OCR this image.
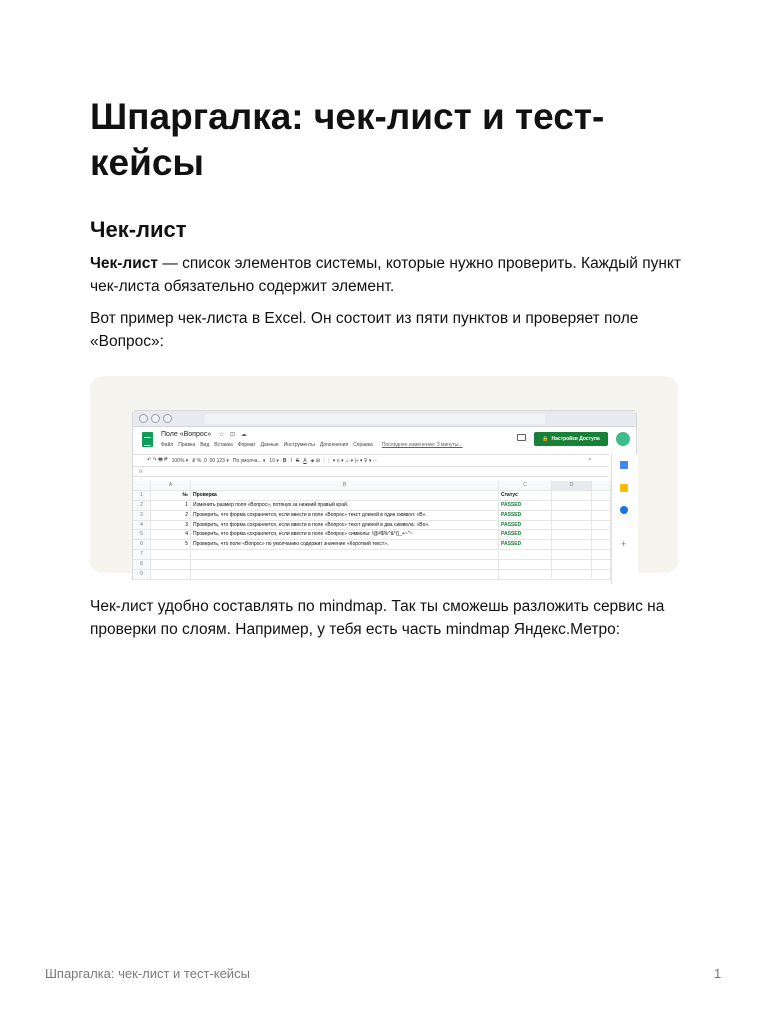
Шпаргалка: чек-лист и тест-кейсы
Чек-лист

Чек-лист — список элементов системы, которые нужно проверить. Каждый пункт чек-листа обязательно содержит элемент.

Вот пример чек-листа в Excel. Он состоит из пяти пунктов и проверяет поле «Вопрос»:

Поле «Вопрос» ☆ ⊡ ☁
Файл Правка Вид Вставка Формат Данные Инструменты Дополнения Справка Последнее изменение: 3 минуты...
🔒 Настройки Доступа
↶ ↷ 🖶 ₱ 100% ▾ ₽ % .0 .00 123 ▾ По умолча... ▾ 10 ▾ B I S A ◈ ⊞ ⋮⋮ ▾ ≡ ▾ ⊥ ▾ |÷ ▾ ⊽ ▾ ⋯	^
fx
+
A	B	C	D
1	№	Проверка	Статус
2	1	Изменить размер поля «Вопрос», потянув за нижний правый край.	PASSED
3	2	Проверить, что форма сохраняется, если ввести в поле «Вопрос» текст длиной в один символ: «В».	PASSED
4	3	Проверить, что форма сохраняется, если ввести в поле «Вопрос» текст длиной в два символа: «Во».	PASSED
5	4	Проверить, что форма сохраняется, если ввести в поле «Вопрос» символы: !@#$%^&*()_+~"~	PASSED
6	5	Проверить, что поле «Вопрос» по умолчанию содержит значение «Короткий текст».	PASSED
7
8
9

Чек-лист удобно составлять по mindmap. Так ты сможешь разложить сервис на проверки по слоям. Например, у тебя есть часть mindmap Яндекс.Метро:

Шпаргалка: чек-лист и тест-кейсы	1
